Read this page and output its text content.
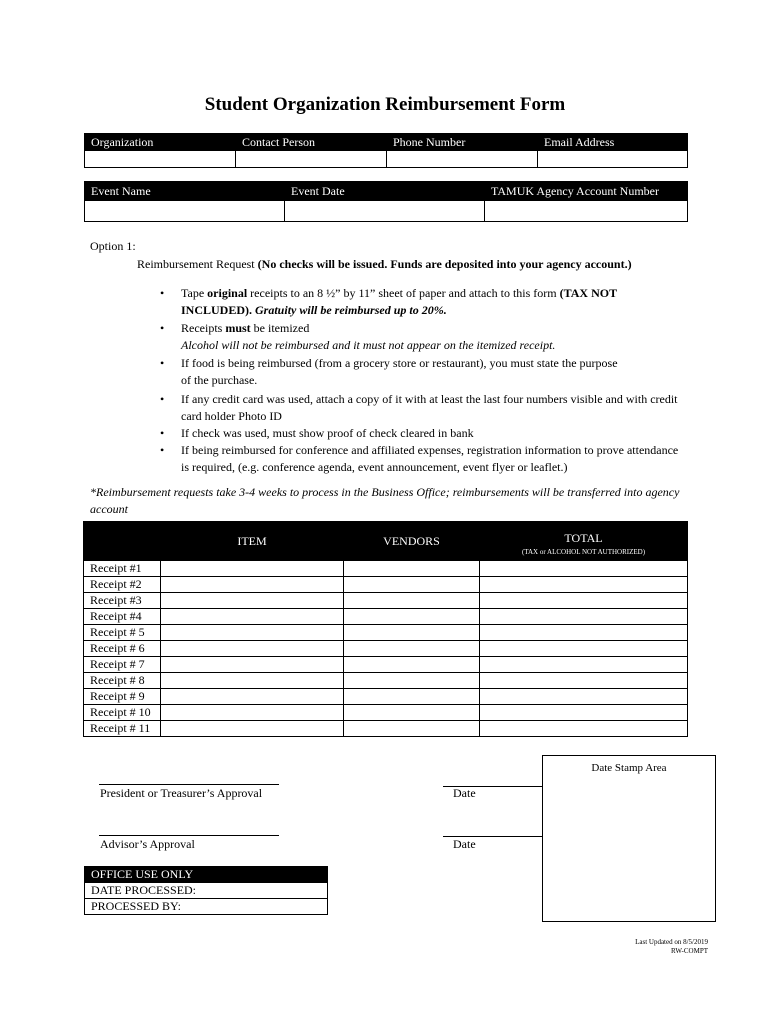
Student Organization Reimbursement Form
Organization	Contact Person	Phone Number	Email Address

Event Name	Event Date	TAMUK Agency Account Number

Option 1:
Reimbursement Request (No checks will be issued. Funds are deposited into your agency account.)
• Tape original receipts to an 8 ½” by 11” sheet of paper and attach to this form (TAX NOT INCLUDED). Gratuity will be reimbursed up to 20%.
• Receipts must be itemized
Alcohol will not be reimbursed and it must not appear on the itemized receipt.
• If food is being reimbursed (from a grocery store or restaurant), you must state the purpose of the purchase.
• If any credit card was used, attach a copy of it with at least the last four numbers visible and with credit card holder Photo ID
• If check was used, must show proof of check cleared in bank
• If being reimbursed for conference and affiliated expenses, registration information to prove attendance is required, (e.g. conference agenda, event announcement, event flyer or leaflet.)
*Reimbursement requests take 3-4 weeks to process in the Business Office; reimbursements will be transferred into agency account
	ITEM	VENDORS	TOTAL
(TAX or ALCOHOL NOT AUTHORIZED)

Receipt #1			
Receipt #2			
Receipt #3			
Receipt #4			
Receipt # 5			
Receipt # 6			
Receipt # 7			
Receipt # 8			
Receipt # 9			
Receipt # 10			
Receipt # 11			
President or Treasurer’s Approval	Date
Advisor’s Approval	Date
Date Stamp Area
OFFICE USE ONLY
DATE PROCESSED:
PROCESSED BY:
Last Updated on 8/5/2019
RW-COMPT
